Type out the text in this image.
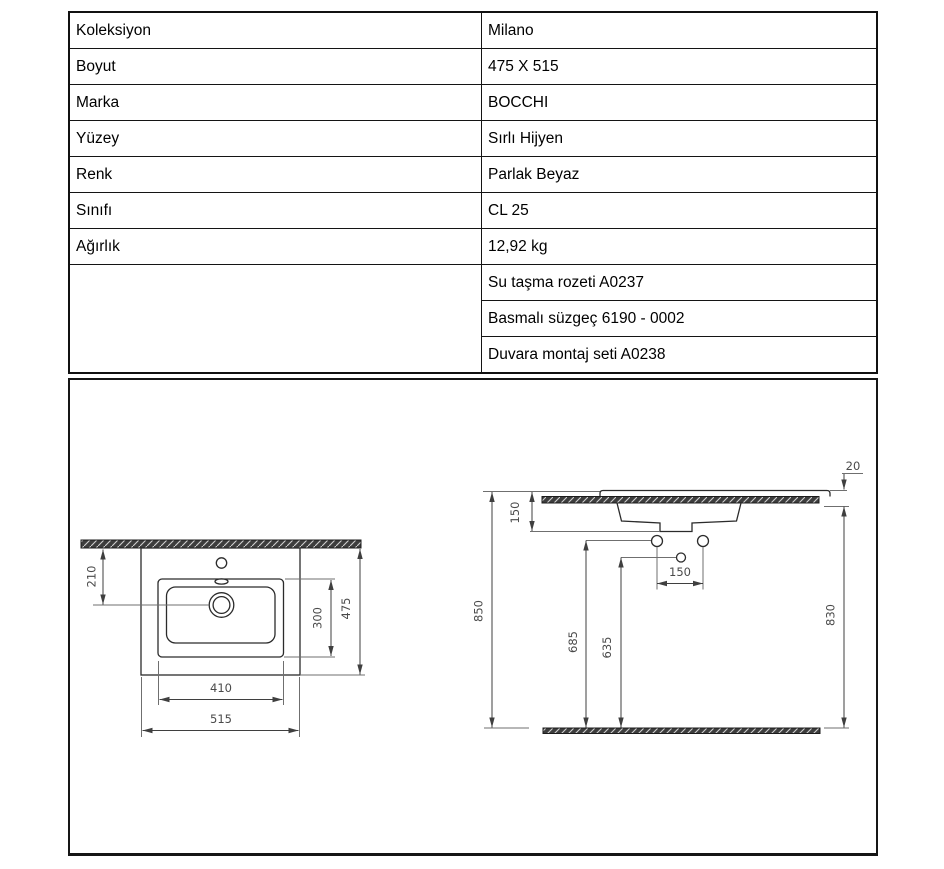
Koleksiyon	Milano
Boyut	475 X 515
Marka	BOCCHI
Yüzey	Sırlı Hijyen
Renk	Parlak Beyaz
Sınıfı	CL 25
Ağırlık	12,92 kg
	Su taşma rozeti A0237
	Basmalı süzgeç 6190 - 0002
	Duvara montaj seti A0238
210
300 475
410
515
20
150
150
850
685 635
830
